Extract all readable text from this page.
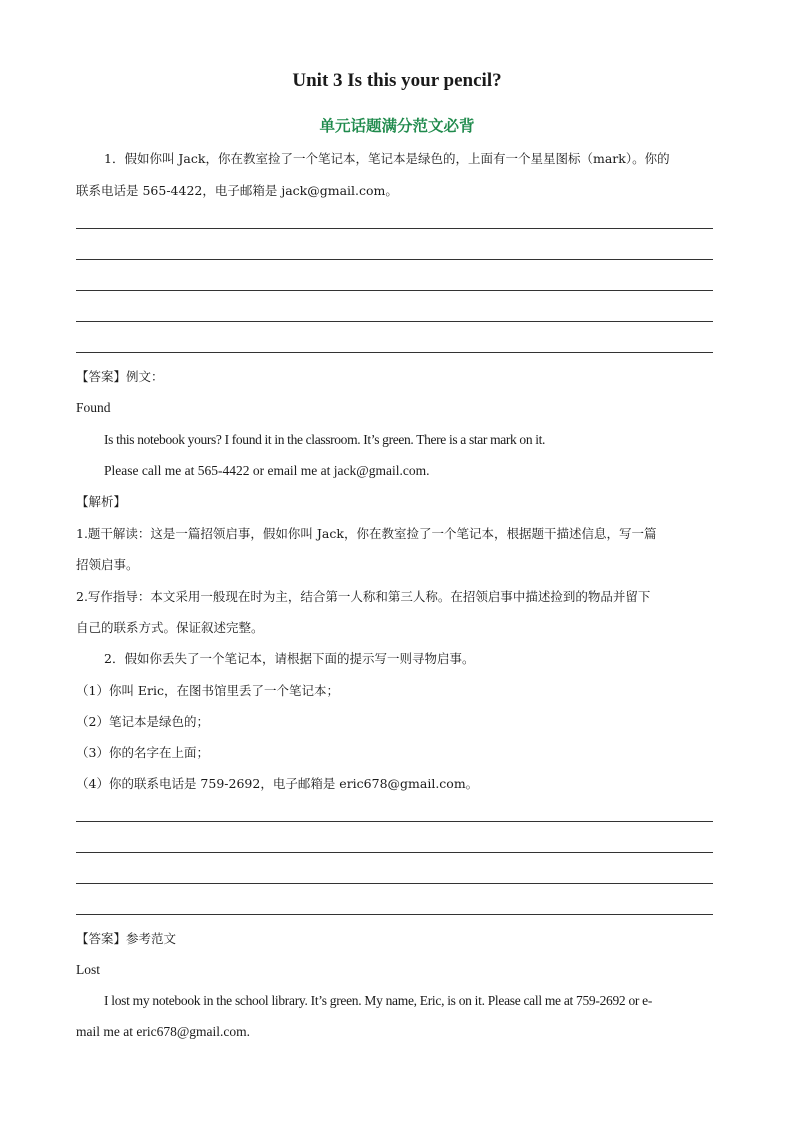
Unit 3 Is this your pencil?
单元话题满分范文必背
1．假如你叫 Jack，你在教室捡了一个笔记本，笔记本是绿色的，上面有一个星星图标（mark）。你的
联系电话是 565-4422，电子邮箱是 jack@gmail.com。
【答案】例文：
Found
Is this notebook yours? I found it in the classroom. It’s green. There is a star mark on it.
Please call me at 565-4422 or email me at jack@gmail.com.
【解析】
1.题干解读：这是一篇招领启事，假如你叫 Jack，你在教室捡了一个笔记本，根据题干描述信息，写一篇
招领启事。
2.写作指导：本文采用一般现在时为主，结合第一人称和第三人称。在招领启事中描述捡到的物品并留下
自己的联系方式。保证叙述完整。
2．假如你丢失了一个笔记本，请根据下面的提示写一则寻物启事。
（1）你叫 Eric，在图书馆里丢了一个笔记本；
（2）笔记本是绿色的；
（3）你的名字在上面；
（4）你的联系电话是 759-2692，电子邮箱是 eric678@gmail.com。
【答案】参考范文
Lost
I lost my notebook in the school library. It’s green. My name, Eric, is on it. Please call me at 759-2692 or e-
mail me at eric678@gmail.com.
